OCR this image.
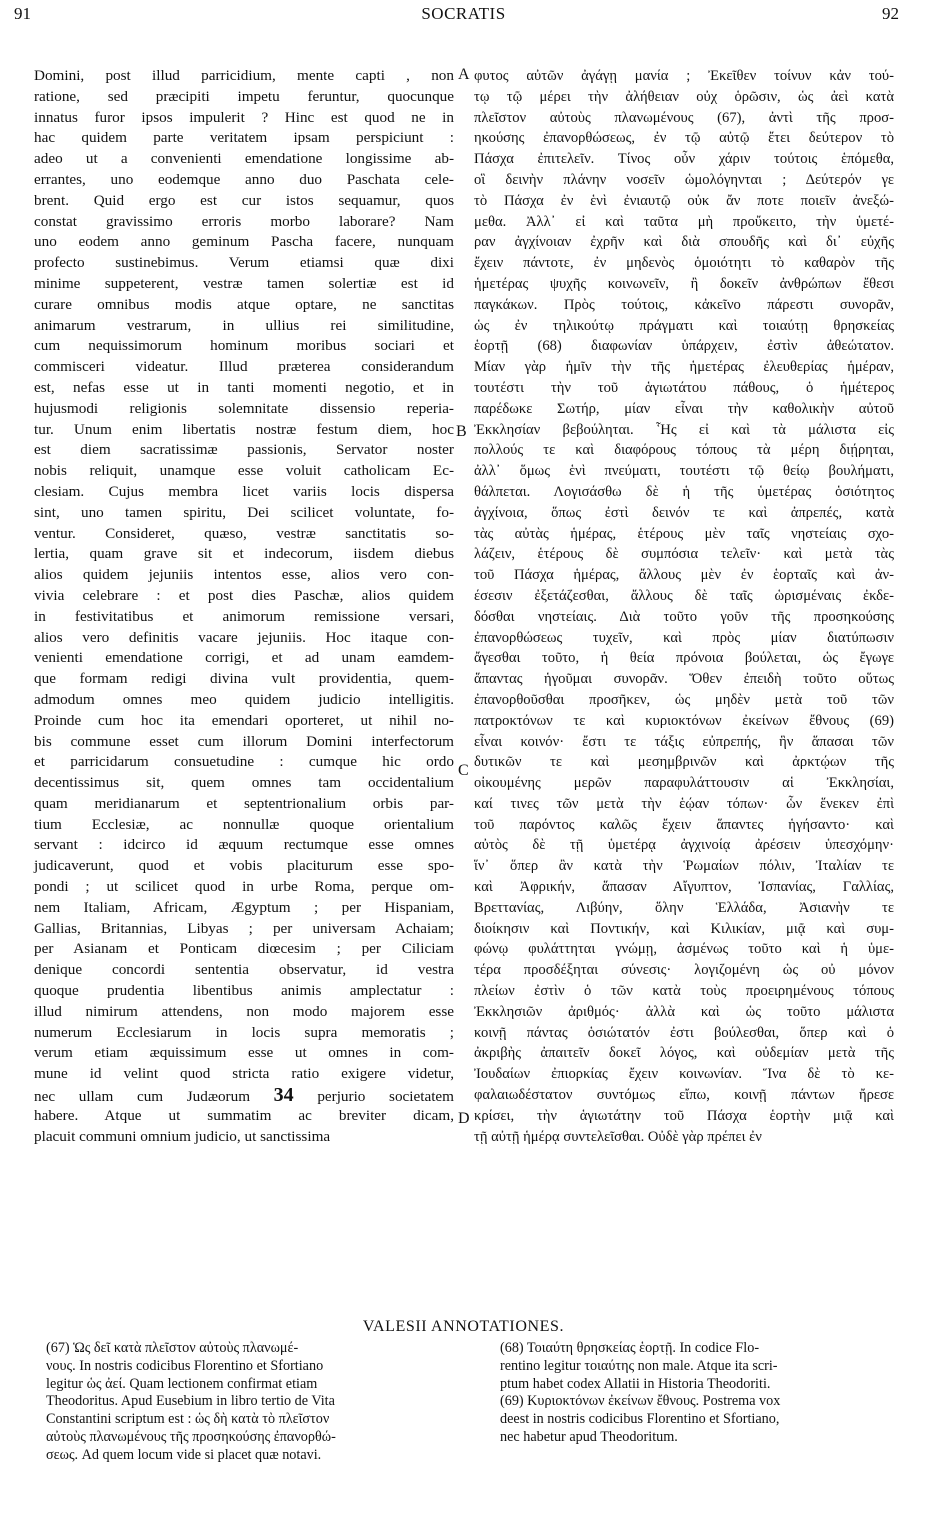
91	SOCRATIS	92
Domini, post illud parricidium, mente capti , non
ratione, sed præcipiti impetu feruntur, quocunque
innatus furor ipsos impulerit ? Hinc est quod ne in
hac quidem parte veritatem ipsam perspiciunt :
adeo ut a convenienti emendatione longissime ab-
errantes, uno eodemque anno duo Paschata cele-
brent. Quid ergo est cur istos sequamur, quos
constat gravissimo erroris morbo laborare? Nam
uno eodem anno geminum Pascha facere, nunquam
profecto sustinebimus. Verum etiamsi quæ dixi
minime suppeterent, vestræ tamen solertiæ est id
curare omnibus modis atque optare, ne sanctitas
animarum vestrarum, in ullius rei similitudine,
cum nequissimorum hominum moribus sociari et
commisceri videatur. Illud præterea considerandum
est, nefas esse ut in tanti momenti negotio, et in
hujusmodi religionis solemnitate dissensio reperia-
tur. Unum enim libertatis nostræ festum diem, hoc
est diem sacratissimæ passionis, Servator noster
nobis reliquit, unamque esse voluit catholicam Ec-
clesiam. Cujus membra licet variis locis dispersa
sint, uno tamen spiritu, Dei scilicet voluntate, fo-
ventur. Consideret, quæso, vestræ sanctitatis so-
lertia, quam grave sit et indecorum, iisdem diebus
alios quidem jejuniis intentos esse, alios vero con-
vivia celebrare : et post dies Paschæ, alios quidem
in festivitatibus et animorum remissione versari,
alios vero definitis vacare jejuniis. Hoc itaque con-
venienti emendatione corrigi, et ad unam eamdem-
que formam redigi divina vult providentia, quem-
admodum omnes meo quidem judicio intelligitis.
Proinde cum hoc ita emendari oporteret, ut nihil no-
bis commune esset cum illorum Domini interfectorum
et parricidarum consuetudine : cumque hic ordo
decentissimus sit, quem omnes tam occidentalium
quam meridianarum et septentrionalium orbis par-
tium Ecclesiæ, ac nonnullæ quoque orientalium
servant : idcirco id æquum rectumque esse omnes
judicaverunt, quod et vobis placiturum esse spo-
pondi ; ut scilicet quod in urbe Roma, perque om-
nem Italiam, Africam, Ægyptum ; per Hispaniam,
Gallias, Britannias, Libyas ; per universam Achaiam;
per Asianam et Ponticam diœcesim ; per Ciliciam
denique concordi sententia observatur, id vestra
quoque prudentia libentibus animis amplectatur :
illud nimirum attendens, non modo majorem esse
numerum Ecclesiarum in locis supra memoratis ;
verum etiam æquissimum esse ut omnes in com-
mune id velint quod stricta ratio exigere videtur,
nec ullam cum Judæorum 34 perjurio societatem
habere. Atque ut summatim ac breviter dicam,
placuit communi omnium judicio, ut sanctissima
φυτος αὐτῶν ἀγάγῃ μανία ; Ἐκεῖθεν τοίνυν κἀν τού-
τῳ τῷ μέρει τὴν ἀλήθειαν οὐχ ὁρῶσιν, ὡς ἀεὶ κατὰ
πλεῖστον αὐτοὺς πλανωμένους (67), ἀντὶ τῆς προσ-
ηκούσης ἐπανορθώσεως, ἐν τῷ αὐτῷ ἔτει δεύτερον τὸ
Πάσχα ἐπιτελεῖν. Τίνος οὖν χάριν τούτοις ἑπόμεθα,
οἳ δεινὴν πλάνην νοσεῖν ὡμολόγηνται ; Δεύτερόν γε
τὸ Πάσχα ἐν ἑνὶ ἐνιαυτῷ οὐκ ἄν ποτε ποιεῖν ἀνεξώ-
μεθα. Ἀλλ᾽ εἰ καὶ ταῦτα μὴ προὔκειτο, τὴν ὑμετέ-
ραν ἀγχίνοιαν ἐχρῆν καὶ διὰ σπουδῆς καὶ δι᾽ εὐχῆς
ἔχειν πάντοτε, ἐν μηδενὸς ὁμοιότητι τὸ καθαρὸν τῆς
ἡμετέρας ψυχῆς κοινωνεῖν, ἢ δοκεῖν ἀνθρώπων ἔθεσι
παγκάκων. Πρὸς τούτοις, κἀκεῖνο πάρεστι συνορᾶν,
ὡς ἐν τηλικούτῳ πράγματι καὶ τοιαύτῃ θρησκείας
ἑορτῇ (68) διαφωνίαν ὑπάρχειν, ἐστὶν ἀθεώτατον.
Μίαν γὰρ ἡμῖν τὴν τῆς ἡμετέρας ἐλευθερίας ἡμέραν,
τουτέστι τὴν τοῦ ἁγιωτάτου πάθους, ὁ ἡμέτερος
παρέδωκε Σωτήρ, μίαν εἶναι τὴν καθολικὴν αὐτοῦ
Ἐκκλησίαν βεβούληται. Ἧς εἰ καὶ τὰ μάλιστα εἰς
πολλούς τε καὶ διαφόρους τόπους τὰ μέρη διῄρηται,
ἀλλ᾽ ὅμως ἑνὶ πνεύματι, τουτέστι τῷ θείῳ βουλήματι,
θάλπεται. Λογισάσθω δὲ ἡ τῆς ὑμετέρας ὁσιότητος
ἀγχίνοια, ὅπως ἐστὶ δεινόν τε καὶ ἀπρεπές, κατὰ
τὰς αὐτὰς ἡμέρας, ἑτέρους μὲν ταῖς νηστείαις σχο-
λάζειν, ἑτέρους δὲ συμπόσια τελεῖν· καὶ μετὰ τὰς
τοῦ Πάσχα ἡμέρας, ἄλλους μὲν ἐν ἑορταῖς καὶ ἀν-
έσεσιν ἐξετάζεσθαι, ἄλλους δὲ ταῖς ὡρισμέναις ἐκδε-
δόσθαι νηστείαις. Διὰ τοῦτο γοῦν τῆς προσηκούσης
ἐπανορθώσεως τυχεῖν, καὶ πρὸς μίαν διατύπωσιν
ἄγεσθαι τοῦτο, ἡ θεία πρόνοια βούλεται, ὡς ἔγωγε
ἅπαντας ἡγοῦμαι συνορᾶν. Ὅθεν ἐπειδὴ τοῦτο οὕτως
ἐπανορθοῦσθαι προσῆκεν, ὡς μηδὲν μετὰ τοῦ τῶν
πατροκτόνων τε καὶ κυριοκτόνων ἐκείνων ἔθνους (69)
εἶναι κοινόν· ἔστι τε τάξις εὐπρεπής, ἣν ἅπασαι τῶν
δυτικῶν τε καὶ μεσημβρινῶν καὶ ἀρκτῴων τῆς
οἰκουμένης μερῶν παραφυλάττουσιν αἱ Ἐκκλησίαι,
καί τινες τῶν μετὰ τὴν ἑῴαν τόπων· ὧν ἕνεκεν ἐπὶ
τοῦ παρόντος καλῶς ἔχειν ἅπαντες ἡγήσαντο· καὶ
αὐτὸς δὲ τῇ ὑμετέρᾳ ἀγχινοίᾳ ἀρέσειν ὑπεσχόμην·
ἵν᾽ ὅπερ ἂν κατὰ τὴν Ῥωμαίων πόλιν, Ἰταλίαν τε
καὶ Ἀφρικήν, ἅπασαν Αἴγυπτον, Ἰσπανίας, Γαλλίας,
Βρεττανίας, Λιβύην, ὅλην Ἑλλάδα, Ἀσιανὴν τε
διοίκησιν καὶ Ποντικήν, καὶ Κιλικίαν, μιᾷ καὶ συμ-
φώνῳ φυλάττηται γνώμῃ, ἀσμένως τοῦτο καὶ ἡ ὑμε-
τέρα προσδέξηται σύνεσις· λογιζομένη ὡς οὐ μόνον
πλείων ἐστὶν ὁ τῶν κατὰ τοὺς προειρημένους τόπους
Ἐκκλησιῶν ἀριθμός· ἀλλὰ καὶ ὡς τοῦτο μάλιστα
κοινῇ πάντας ὁσιώτατόν ἐστι βούλεσθαι, ὅπερ καὶ ὁ
ἀκριβὴς ἀπαιτεῖν δοκεῖ λόγος, καὶ οὐδεμίαν μετὰ τῆς
Ἰουδαίων ἐπιορκίας ἔχειν κοινωνίαν. Ἵνα δὲ τὸ κε-
φαλαιωδέστατον συντόμως εἴπω, κοινῇ πάντων ἤρεσε
κρίσει, τὴν ἁγιωτάτην τοῦ Πάσχα ἑορτὴν μιᾷ καὶ
τῇ αὐτῇ ἡμέρᾳ συντελεῖσθαι. Οὐδὲ γὰρ πρέπει ἐν
A
B
C
D
VALESII ANNOTATIONES.
(67) Ὡς δεῖ κατὰ πλεῖστον αὐτοὺς πλανωμέ-
νους. In nostris codicibus Florentino et Sfortiano
legitur ὡς ἀεί. Quam lectionem confirmat etiam
Theodoritus. Apud Eusebium in libro tertio de Vita
Constantini scriptum est : ὡς δὴ κατὰ τὸ πλεῖστον
αὐτοὺς πλανωμένους τῆς προσηκούσης ἐπανορθώ-
σεως. Ad quem locum vide si placet quæ notavi.
(68) Τοιαύτη θρησκείας ἑορτῇ. In codice Flo-
rentino legitur τοιαύτης non male. Atque ita scri-
ptum habet codex Allatii in Historia Theodoriti.
(69) Κυριοκτόνων ἐκείνων ἔθνους. Postrema vox
deest in nostris codicibus Florentino et Sfortiano,
nec habetur apud Theodoritum.
